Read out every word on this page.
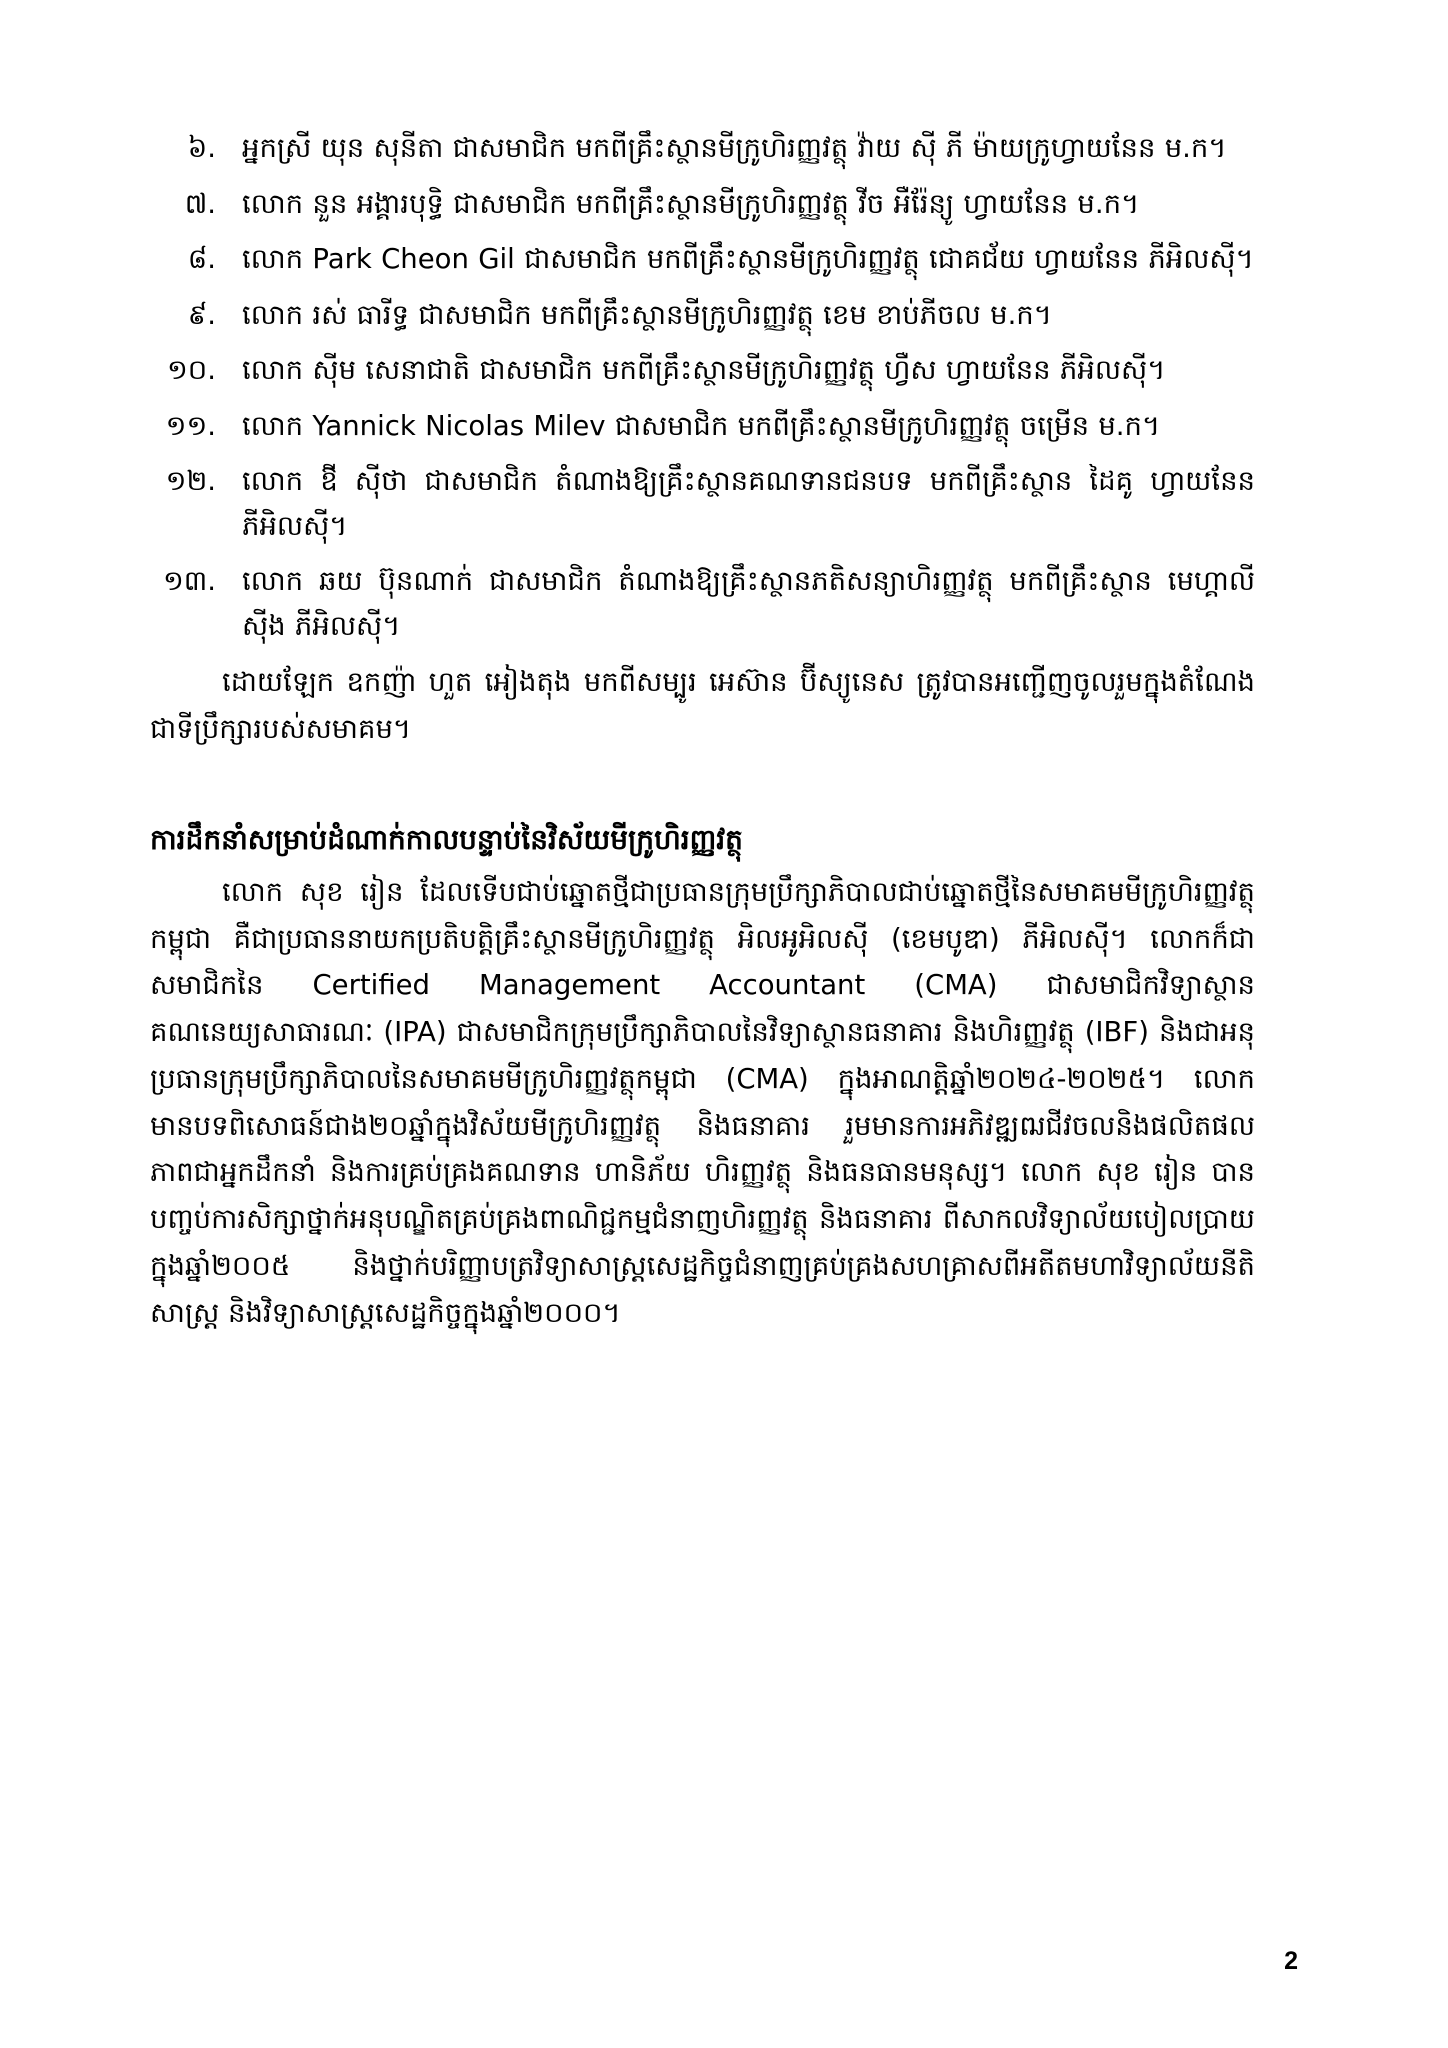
៦. អ្នកស្រី យុន សុនីតា ជាសមាជិក មកពីគ្រឹះស្ថានមីក្រូហិរញ្ញវត្ថុ វ៉ាយ ស៊ី ភី ម៉ាយក្រូហ្វាយនែន ម.ក។
៧. លោក នួន អង្គារបុទ្ធិ ជាសមាជិក មកពីគ្រឹះស្ថានមីក្រូហិរញ្ញវត្ថុ វីច អឺរ៉ែន្យូ ហ្វាយនែន ម.ក។
៨. លោក Park Cheon Gil ជាសមាជិក មកពីគ្រឹះស្ថានមីក្រូហិរញ្ញវត្ថុ ជោគជ័យ ហ្វាយនែន ភីអិលស៊ី។
៩. លោក រស់ ធារីទ្ធ ជាសមាជិក មកពីគ្រឹះស្ថានមីក្រូហិរញ្ញវត្ថុ ខេម ខាប់ភីចល ម.ក។
១០. លោក ស៊ីម សេនាជាតិ ជាសមាជិក មកពីគ្រឹះស្ថានមីក្រូហិរញ្ញវត្ថុ ហ្វឺស ហ្វាយនែន ភីអិលស៊ី។
១១. លោក Yannick Nicolas Milev ជាសមាជិក មកពីគ្រឹះស្ថានមីក្រូហិរញ្ញវត្ថុ ចម្រើន ម.ក។
១២. លោក ឱី ស៊ីថា ជាសមាជិក តំណាងឱ្យគ្រឹះស្ថានគណទានជនបទ មកពីគ្រឹះស្ថាន ដៃគូ ហ្វាយនែន ភីអិលស៊ី។
១៣. លោក ឆយ ប៊ុនណាក់ ជាសមាជិក តំណាងឱ្យគ្រឹះស្ថានភតិសន្យាហិរញ្ញវត្ថុ មកពីគ្រឹះស្ថាន មេហ្គាលីស៊ីង ភីអិលស៊ី។

ដោយឡែក ឧកញ៉ា ហួត អៀងតុង មកពីសម្បូរ អេស៊ាន ប៊ីស្យូនេស ត្រូវបានអញ្ជើញចូលរួមក្នុងតំណែងជាទីប្រឹក្សារបស់សមាគម។

ការដឹកនាំសម្រាប់ដំណាក់កាលបន្ទាប់នៃវិស័យមីក្រូហិរញ្ញវត្ថុ

លោក សុខ រៀន ដែលទើបជាប់ឆ្នោតថ្មីជាប្រធានក្រុមប្រឹក្សាភិបាលជាប់ឆ្នោតថ្មីនៃសមាគមមីក្រូហិរញ្ញវត្ថុកម្ពុជា គឺជាប្រធាននាយកប្រតិបត្តិគ្រឹះស្ថានមីក្រូហិរញ្ញវត្ថុ អិលអូអិលស៊ី (ខេមបូឌា) ភីអិលស៊ី។ លោកក៏ជាសមាជិកនៃ Certified Management Accountant (CMA) ជាសមាជិកវិទ្យាស្ថានគណនេយ្យសាធារណៈ (IPA) ជាសមាជិកក្រុមប្រឹក្សាភិបាលនៃវិទ្យាស្ថានធនាគារ និងហិរញ្ញវត្ថុ (IBF) និងជាអនុប្រធានក្រុមប្រឹក្សាភិបាលនៃសមាគមមីក្រូហិរញ្ញវត្ថុកម្ពុជា (CMA) ក្នុងអាណត្តិឆ្នាំ២០២៤-២០២៥។ លោកមានបទពិសោធន៍ជាង២០ឆ្នាំក្នុងវិស័យមីក្រូហិរញ្ញវត្ថុ និងធនាគារ រួមមានការអភិវឌ្ឍឍជីវចលនិងផលិតផល ភាពជាអ្នកដឹកនាំ និងការគ្រប់គ្រងគណទាន ហានិភ័យ ហិរញ្ញវត្ថុ និងធនធានមនុស្ស។ លោក សុខ រៀន បានបញ្ចប់ការសិក្សាថ្នាក់អនុបណ្ឌិតគ្រប់គ្រងពាណិជ្ជកម្មជំនាញហិរញ្ញវត្ថុ និងធនាគារ ពីសាកលវិទ្យាល័យបៀលប្រាយក្នុងឆ្នាំ២០០៥ និងថ្នាក់បរិញ្ញាបត្រវិទ្យាសាស្ត្រសេដ្ឋកិច្ចជំនាញគ្រប់គ្រងសហគ្រាសពីអតីតមហាវិទ្យាល័យនីតិសាស្ត្រ និងវិទ្យាសាស្ត្រសេដ្ឋកិច្ចក្នុងឆ្នាំ២០០០។

2
